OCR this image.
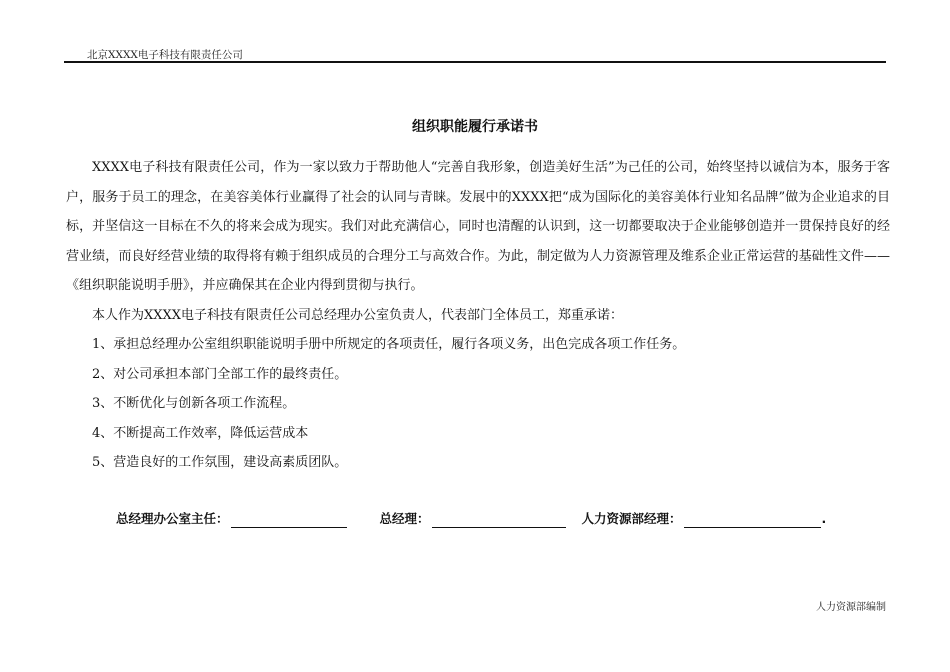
北京XXXX电子科技有限责任公司
组织职能履行承诺书

XXXX电子科技有限责任公司，作为一家以致力于帮助他人“完善自我形象，创造美好生活”为己任的公司，始终坚持以诚信为本，服务于客户，服务于员工的理念，在美容美体行业赢得了社会的认同与青睐。发展中的XXXX把“成为国际化的美容美体行业知名品牌”做为企业追求的目标，并坚信这一目标在不久的将来会成为现实。我们对此充满信心，同时也清醒的认识到，这一切都要取决于企业能够创造并一贯保持良好的经营业绩，而良好经营业绩的取得将有赖于组织成员的合理分工与高效合作。为此，制定做为人力资源管理及维系企业正常运营的基础性文件——《组织职能说明手册》，并应确保其在企业内得到贯彻与执行。

本人作为XXXX电子科技有限责任公司总经理办公室负责人，代表部门全体员工，郑重承诺：

1、承担总经理办公室组织职能说明手册中所规定的各项责任，履行各项义务，出色完成各项工作任务。

2、对公司承担本部门全部工作的最终责任。

3、不断优化与创新各项工作流程。

4、不断提高工作效率，降低运营成本

5、营造良好的工作氛围，建设高素质团队。

总经理办公室主任：	总经理：	人力资源部经理：	.
人力资源部编制
